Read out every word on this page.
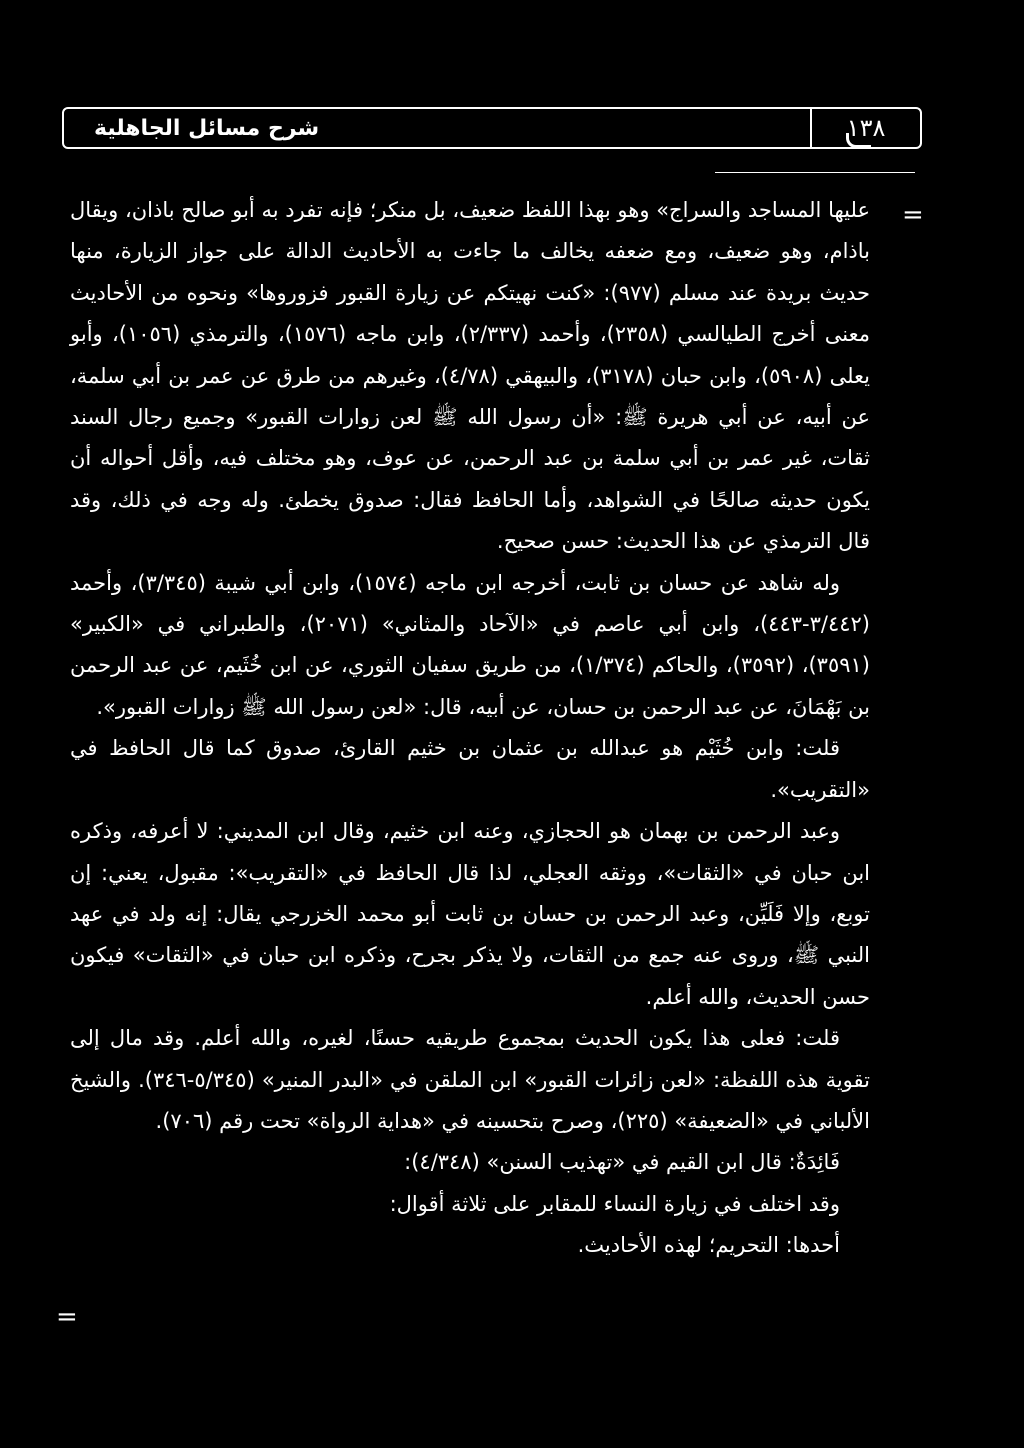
١٣٨
شرح مسائل الجاهلية
=
=

عليها المساجد والسراج» وهو بهذا اللفظ ضعيف، بل منكر؛ فإنه تفرد به أبو صالح باذان، ويقال باذام، وهو ضعيف، ومع ضعفه يخالف ما جاءت به الأحاديث الدالة على جواز الزيارة، منها حديث بريدة عند مسلم (٩٧٧): «كنت نهيتكم عن زيارة القبور فزوروها» ونحوه من الأحاديث معنى أخرج الطيالسي (٢٣٥٨)، وأحمد (٢/٣٣٧)، وابن ماجه (١٥٧٦)، والترمذي (١٠٥٦)، وأبو يعلى (٥٩٠٨)، وابن حبان (٣١٧٨)، والبيهقي (٤/٧٨)، وغيرهم من طرق عن عمر بن أبي سلمة، عن أبيه، عن أبي هريرة ﷺ: «أن رسول الله ﷺ لعن زوارات القبور» وجميع رجال السند ثقات، غير عمر بن أبي سلمة بن عبد الرحمن، عن عوف، وهو مختلف فيه، وأقل أحواله أن يكون حديثه صالحًا في الشواهد، وأما الحافظ فقال: صدوق يخطئ. وله وجه في ذلك، وقد قال الترمذي عن هذا الحديث: حسن صحيح.

وله شاهد عن حسان بن ثابت، أخرجه ابن ماجه (١٥٧٤)، وابن أبي شيبة (٣/٣٤٥)، وأحمد (٣/٤٤٢-٤٤٣)، وابن أبي عاصم في «الآحاد والمثاني» (٢٠٧١)، والطبراني في «الكبير» (٣٥٩١)، (٣٥٩٢)، والحاكم (١/٣٧٤)، من طريق سفيان الثوري، عن ابن خُثَيم، عن عبد الرحمن بن بَهْمَانَ، عن عبد الرحمن بن حسان، عن أبيه، قال: «لعن رسول الله ﷺ زوارات القبور».

قلت: وابن خُثَيْم هو عبدالله بن عثمان بن خثيم القارئ، صدوق كما قال الحافظ في «التقريب».

وعبد الرحمن بن بهمان هو الحجازي، وعنه ابن خثيم، وقال ابن المديني: لا أعرفه، وذكره ابن حبان في «الثقات»، ووثقه العجلي، لذا قال الحافظ في «التقريب»: مقبول، يعني: إن توبع، وإلا فَلَيِّن، وعبد الرحمن بن حسان بن ثابت أبو محمد الخزرجي يقال: إنه ولد في عهد النبي ﷺ، وروى عنه جمع من الثقات، ولا يذكر بجرح، وذكره ابن حبان في «الثقات» فيكون حسن الحديث، والله أعلم.

قلت: فعلى هذا يكون الحديث بمجموع طريقيه حسنًا، لغيره، والله أعلم. وقد مال إلى تقوية هذه اللفظة: «لعن زائرات القبور» ابن الملقن في «البدر المنير» (٥/٣٤٥-٣٤٦). والشيخ الألباني في «الضعيفة» (٢٢٥)، وصرح بتحسينه في «هداية الرواة» تحت رقم (٧٠٦).

فَائِدَةٌ: قال ابن القيم في «تهذيب السنن» (٤/٣٤٨):

وقد اختلف في زيارة النساء للمقابر على ثلاثة أقوال:

أحدها: التحريم؛ لهذه الأحاديث.
